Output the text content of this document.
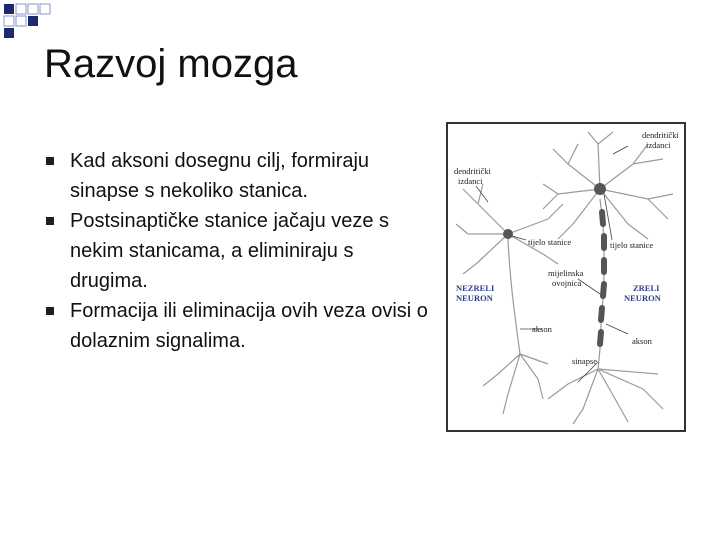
Razvoj mozga
Kad aksoni dosegnu cilj, formiraju sinapse s nekoliko stanica.
Postsinaptičke stanice jačaju veze s nekim stanicama, a eliminiraju s drugima.
Formacija ili eliminacija ovih veza ovisi o dolaznim signalima.
dendritički
izdanci
dendritički
izdanci
tijelo stanice	tijelo stanice
mijelinska
ovojnica
NEZRELI
NEURON
ZRELI
NEURON
akson
akson
sinapse
